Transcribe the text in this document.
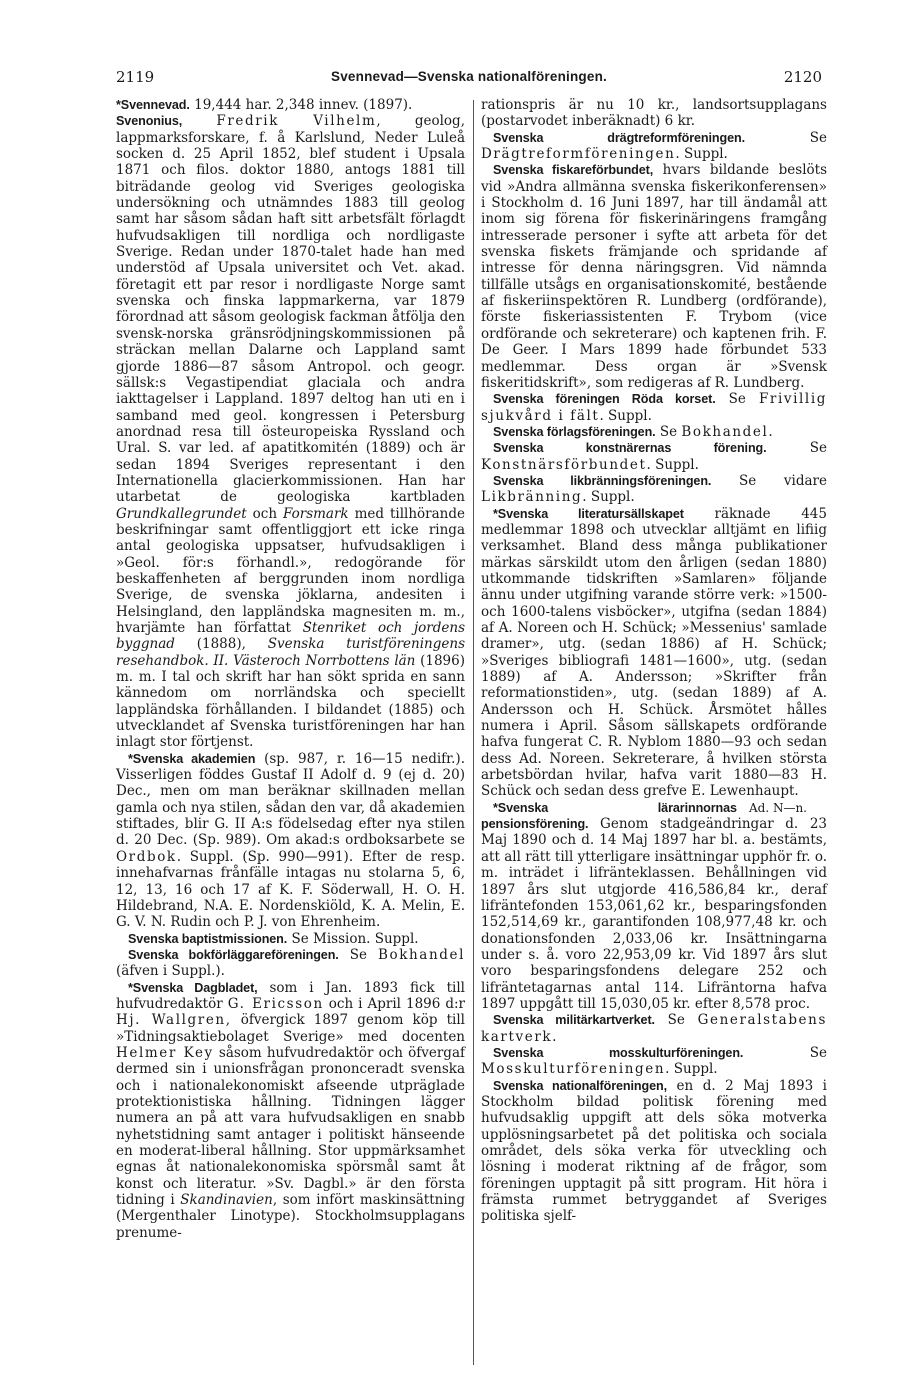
2119	Svennevad—Svenska nationalföreningen.	2120

*Svennevad. 19,444 har. 2,348 innev. (1897).

Svenonius, Fredrik Vilhelm, geolog, lappmarksforskare, f. å Karlslund, Neder Luleå socken d. 25 April 1852, blef student i Upsala 1871 och filos. doktor 1880, antogs 1881 till biträdande geolog vid Sveriges geologiska undersökning och utnämndes 1883 till geolog samt har såsom sådan haft sitt arbetsfält förlagdt hufvudsakligen till nordliga och nordligaste Sverige. Redan under 1870-talet hade han med understöd af Upsala universitet och Vet. akad. företagit ett par resor i nordligaste Norge samt svenska och finska lappmarkerna, var 1879 förordnad att såsom geologisk fackman åtfölja den svensk-norska gränsrödjningskommissionen på sträckan mellan Dalarne och Lappland samt gjorde 1886—87 såsom Antropol. och geogr. sällsk:s Vegastipendiat glaciala och andra iakttagelser i Lappland. 1897 deltog han uti en i samband med geol. kongressen i Petersburg anordnad resa till östeuropeiska Ryssland och Ural. S. var led. af apatitkomitén (1889) och är sedan 1894 Sveriges representant i den Internationella glacierkommissionen. Han har utarbetat de geologiska kartbladen Grundkallegrundet och Forsmark med tillhörande beskrifningar samt offentliggjort ett icke ringa antal geologiska uppsatser, hufvudsakligen i »Geol. för:s förhandl.», redogörande för beskaffenheten af berggrunden inom nordliga Sverige, de svenska jöklarna, andesiten i Helsingland, den lappländska magnesiten m. m., hvarjämte han författat Stenriket och jordens byggnad (1888), Svenska turistföreningens resehandbok. II. Västeroch Norrbottens län (1896) m. m. I tal och skrift har han sökt sprida en sann kännedom om norrländska och speciellt lappländska förhållanden. I bildandet (1885) och utvecklandet af Svenska turistföreningen har han inlagt stor förtjenst.

*Svenska akademien (sp. 987, r. 16—15 nedifr.). Visserligen föddes Gustaf II Adolf d. 9 (ej d. 20) Dec., men om man beräknar skillnaden mellan gamla och nya stilen, sådan den var, då akademien stiftades, blir G. II A:s födelsedag efter nya stilen d. 20 Dec. (Sp. 989). Om akad:s ordboksarbete se Ordbok. Suppl. (Sp. 990—991). Efter de resp. innehafvarnas frånfälle intagas nu stolarna 5, 6, 12, 13, 16 och 17 af K. F. Söderwall, H. O. H. Hildebrand, N.A. E. Nordenskiöld, K. A. Melin, E. G. V. N. Rudin och P. J. von Ehrenheim.

Svenska baptistmissionen. Se Mission. Suppl.

Svenska bokförläggareföreningen. Se Bokhandel (äfven i Suppl.).

*Svenska Dagbladet, som i Jan. 1893 fick till hufvudredaktör G. Ericsson och i April 1896 d:r Hj. Wallgren, öfvergick 1897 genom köp till »Tidningsaktiebolaget Sverige» med docenten Helmer Key såsom hufvudredaktör och öfvergaf dermed sin i unionsfrågan prononceradt svenska och i nationalekonomiskt afseende utpräglade protektionistiska hållning. Tidningen lägger numera an på att vara hufvudsakligen en snabb nyhetstidning samt antager i politiskt hänseende en moderat-liberal hållning. Stor uppmärksamhet egnas åt nationalekonomiska spörsmål samt åt konst och literatur. »Sv. Dagbl.» är den första tidning i Skandinavien, som infört maskinsättning (Mergenthaler Linotype). Stockholmsupplagans prenume-

rationspris är nu 10 kr., landsortsupplagans (postarvodet inberäknadt) 6 kr.

Svenska drägtreformföreningen. Se Drägtreformföreningen. Suppl.

Svenska fiskareförbundet, hvars bildande beslöts vid »Andra allmänna svenska fiskerikonferensen» i Stockholm d. 16 Juni 1897, har till ändamål att inom sig förena för fiskerinäringens framgång intresserade personer i syfte att arbeta för det svenska fiskets främjande och spridande af intresse för denna näringsgren. Vid nämnda tillfälle utsågs en organisationskomité, bestående af fiskeriinspektören R. Lundberg (ordförande), förste fiskeriassistenten F. Trybom (vice ordförande och sekreterare) och kaptenen frih. F. De Geer. I Mars 1899 hade förbundet 533 medlemmar. Dess organ är »Svensk fiskeritidskrift», som redigeras af R. Lundberg.

Svenska föreningen Röda korset. Se Frivillig sjukvård i fält. Suppl.

Svenska förlagsföreningen. Se Bokhandel.

Svenska konstnärernas förening. Se Konstnärsförbundet. Suppl.

Svenska likbränningsföreningen. Se vidare Likbränning. Suppl.

*Svenska literatursällskapet räknade 445 medlemmar 1898 och utvecklar alltjämt en lifiig verksamhet. Bland dess många publikationer märkas särskildt utom den årligen (sedan 1880) utkommande tidskriften »Samlaren» följande ännu under utgifning varande större verk: »1500- och 1600-talens visböcker», utgifna (sedan 1884) af A. Noreen och H. Schück; »Messenius' samlade dramer», utg. (sedan 1886) af H. Schück; »Sveriges bibliografi 1481—1600», utg. (sedan 1889) af A. Andersson; »Skrifter från reformationstiden», utg. (sedan 1889) af A. Andersson och H. Schück. Årsmötet hålles numera i April. Såsom sällskapets ordförande hafva fungerat C. R. Nyblom 1880—93 och sedan dess Ad. Noreen. Sekreterare, å hvilken största arbetsbördan hvilar, hafva varit 1880—83 H. Schück och sedan dess grefve E. Lewenhaupt.
Ad. N—n.

*Svenska lärarinnornas pensionsförening. Genom stadgeändringar d. 23 Maj 1890 och d. 14 Maj 1897 har bl. a. bestämts, att all rätt till ytterligare insättningar upphör fr. o. m. inträdet i lifränteklassen. Behållningen vid 1897 års slut utgjorde 416,586,84 kr., deraf lifräntefonden 153,061,62 kr., besparingsfonden 152,514,69 kr., garantifonden 108,977,48 kr. och donationsfonden 2,033,06 kr. Insättningarna under s. å. voro 22,953,09 kr. Vid 1897 års slut voro besparingsfondens delegare 252 och lifräntetagarnas antal 114. Lifräntorna hafva 1897 uppgått till 15,030,05 kr. efter 8,578 proc.

Svenska militärkartverket. Se Generalstabens kartverk.

Svenska mosskulturföreningen. Se Mosskulturföreningen. Suppl.

Svenska nationalföreningen, en d. 2 Maj 1893 i Stockholm bildad politisk förening med hufvudsaklig uppgift att dels söka motverka upplösningsarbetet på det politiska och sociala området, dels söka verka för utveckling och lösning i moderat riktning af de frågor, som föreningen upptagit på sitt program. Hit höra i främsta rummet betryggandet af Sveriges politiska sjelf-
